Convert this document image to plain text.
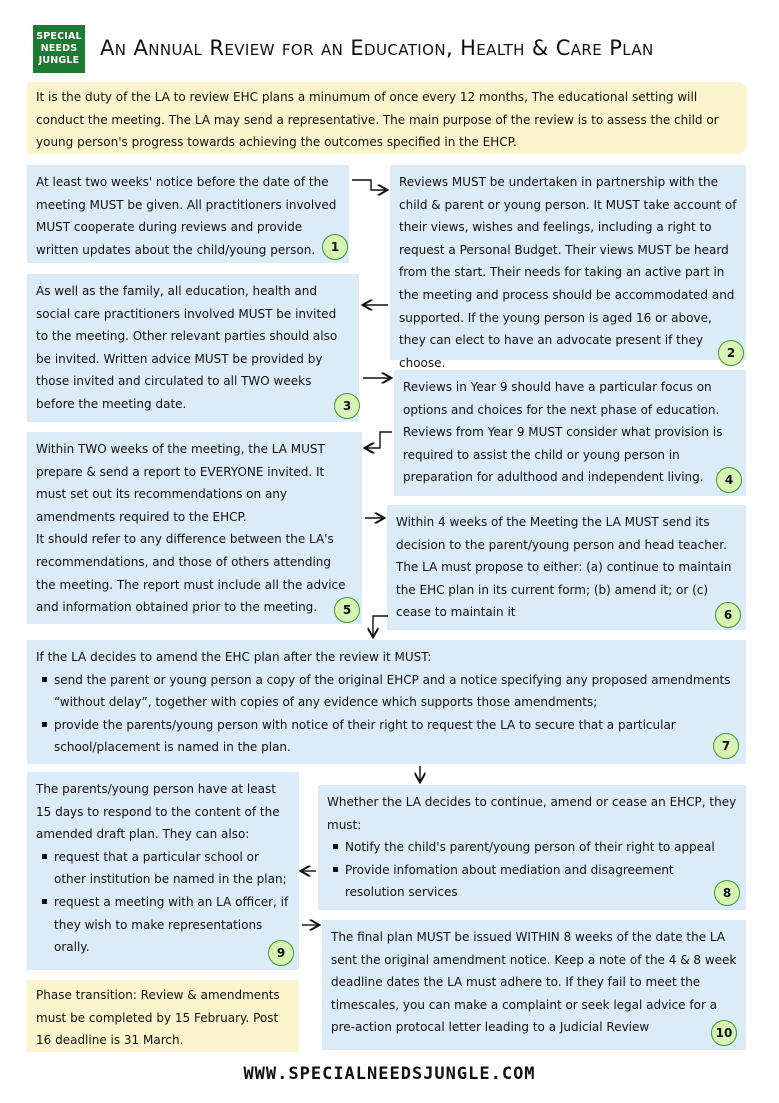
SPECIAL
NEEDS
JUNGLE
An Annual Review for an Education, Health & Care Plan

It is the duty of the LA to review EHC plans a minumum of once every 12 months, The educational setting will conduct the meeting. The LA may send a representative. The main purpose of the review is to assess the child or young person's progress towards achieving the outcomes specified in the EHCP.

At least two weeks' notice before the date of the meeting MUST be given. All practitioners involved MUST cooperate during reviews and provide written updates about the child/young person.	1

Reviews MUST be undertaken in partnership with the child & parent or young person. It MUST take account of their views, wishes and feelings, including a right to request a Personal Budget. Their views MUST be heard from the start. Their needs for taking an active part in the meeting and process should be accommodated and supported. If the young person is aged 16 or above, they can elect to have an advocate present if they choose.

2

As well as the family, all education, health and social care practitioners involved MUST be invited to the meeting. Other relevant parties should also be invited. Written advice MUST be provided by those invited and circulated to all TWO weeks before the meeting date.	3

Reviews in Year 9 should have a particular focus on options and choices for the next phase of education. Reviews from Year 9 MUST consider what provision is required to assist the child or young person in preparation for adulthood and independent living.	4

Within TWO weeks of the meeting, the LA MUST prepare & send a report to EVERYONE invited. It must set out its recommendations on any amendments required to the EHCP.

It should refer to any difference between the LA's recommendations, and those of others attending the meeting. The report must include all the advice and information obtained prior to the meeting.	5

Within 4 weeks of the Meeting the LA MUST send its decision to the parent/young person and head teacher. The LA must propose to either: (a) continue to maintain the EHC plan in its current form; (b) amend it; or (c) cease to maintain it	6

If the LA decides to amend the EHC plan after the review it MUST:

send the parent or young person a copy of the original EHCP and a notice specifying any proposed amendments “without delay”, together with copies of any evidence which supports those amendments;
provide the parents/young person with notice of their right to request the LA to secure that a particular school/placement is named in the plan.	7

Whether the LA decides to continue, amend or cease an EHCP, they must:

Notify the child's parent/young person of their right to appeal
Provide infomation about mediation and disagreement resolution services	8

The parents/young person have at least 15 days to respond to the content of the amended draft plan. They can also:

request that a particular school or other institution be named in the plan;
request a meeting with an LA officer, if they wish to make representations orally.	9

The final plan MUST be issued WITHIN 8 weeks of the date the LA sent the original amendment notice. Keep a note of the 4 & 8 week deadline dates the LA must adhere to. If they fail to meet the timescales, you can make a complaint or seek legal advice for a pre-action protocal letter leading to a Judicial Review	10

Phase transition: Review & amendments must be completed by 15 February. Post 16 deadline is 31 March.

WWW.SPECIALNEEDSJUNGLE.COM
